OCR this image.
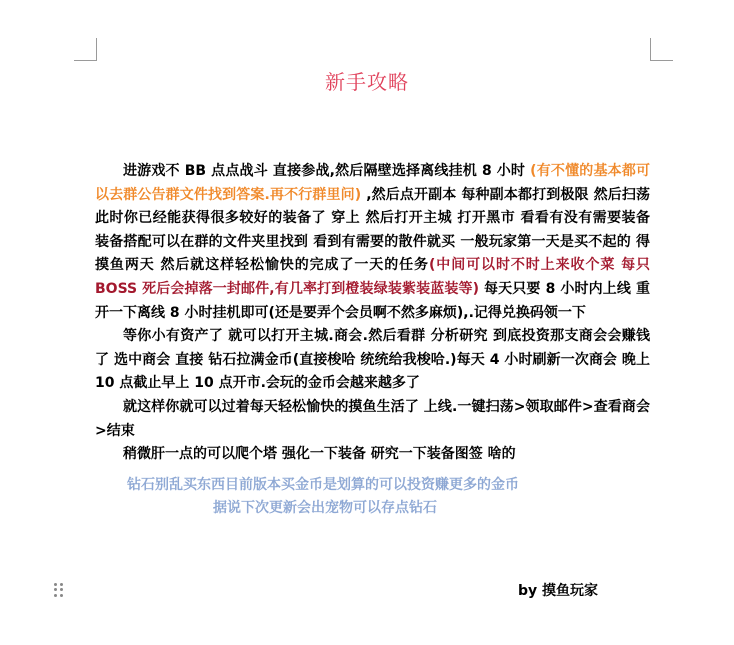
新手攻略

进游戏不 BB 点点战斗 直接参战,然后隔壁选择离线挂机 8 小时 (有不懂的基本都可以去群公告群文件找到答案.再不行群里问) ,然后点开副本 每种副本都打到极限 然后扫荡 此时你已经能获得很多较好的装备了 穿上 然后打开主城 打开黑市 看看有没有需要装备 装备搭配可以在群的文件夹里找到 看到有需要的散件就买 一般玩家第一天是买不起的 得摸鱼两天 然后就这样轻松愉快的完成了一天的任务(中间可以时不时上来收个菜 每只 BOSS 死后会掉落一封邮件,有几率打到橙装绿装紫装蓝装等) 每天只要 8 小时内上线 重开一下离线 8 小时挂机即可(还是要弄个会员啊不然多麻烦),.记得兑换码领一下

等你小有资产了 就可以打开主城.商会.然后看群 分析研究 到底投资那支商会会赚钱了 选中商会 直接 钻石拉满金币(直接梭哈 统统给我梭哈.)每天 4 小时刷新一次商会 晚上 10 点截止早上 10 点开市.会玩的金币会越来越多了

就这样你就可以过着每天轻松愉快的摸鱼生活了 上线.一键扫荡>领取邮件>查看商会>结束

稍微肝一点的可以爬个塔 强化一下装备 研究一下装备图签 啥的

钻石别乱买东西目前版本买金币是划算的可以投资赚更多的金币
据说下次更新会出宠物可以存点钻石
by 摸鱼玩家
